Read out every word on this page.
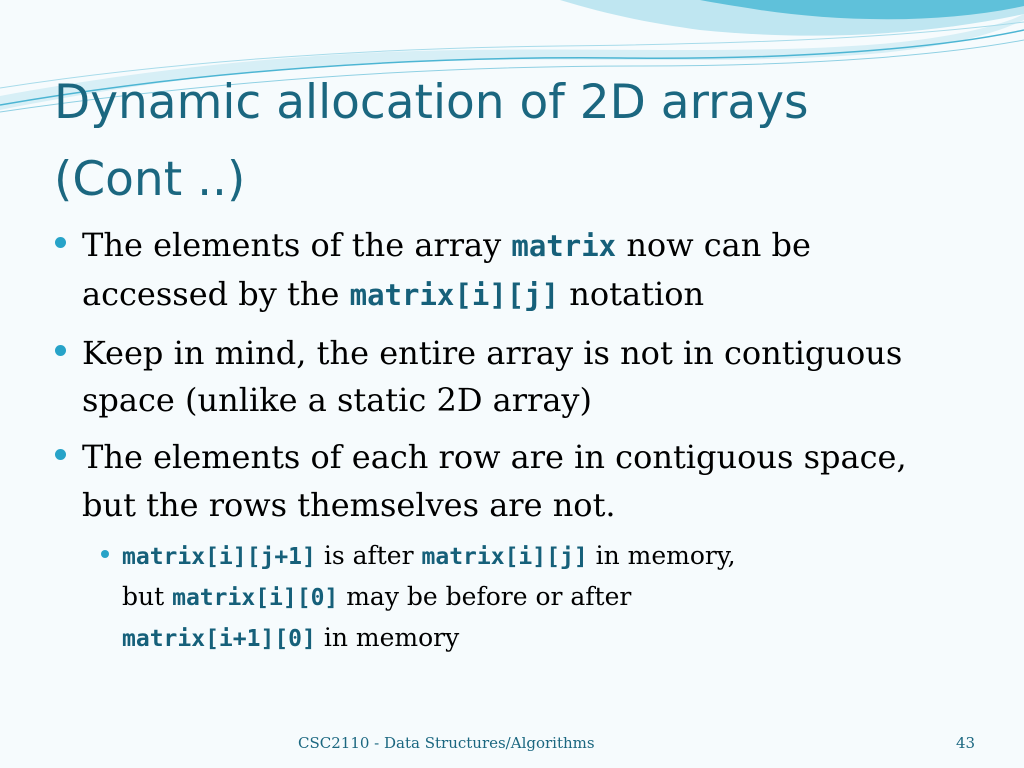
Dynamic allocation of 2D arrays
(Cont ..)
The elements of the array matrix now can be
accessed by the matrix[i][j] notation
Keep in mind, the entire array is not in contiguous
space (unlike a static 2D array)
The elements of each row are in contiguous space,
but the rows themselves are not.
matrix[i][j+1] is after matrix[i][j] in memory,
but matrix[i][0] may be before or after
matrix[i+1][0] in memory
CSC2110 - Data Structures/Algorithms	43
